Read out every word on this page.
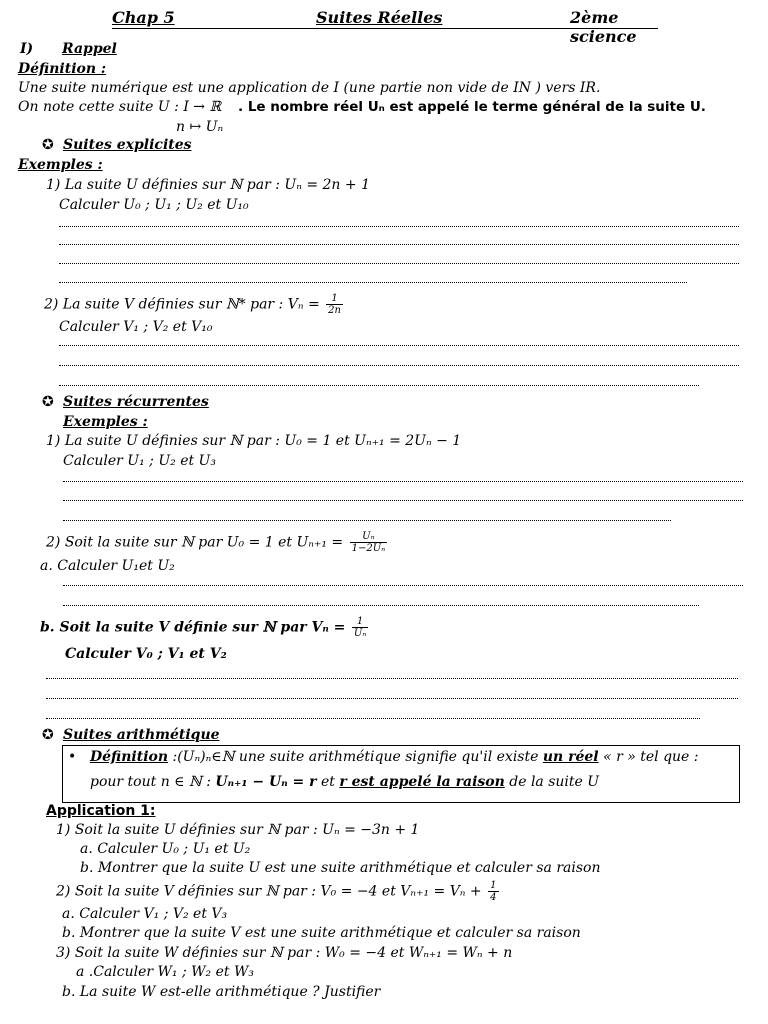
Chap 5	Suites Réelles	2ème science
I) Rappel
Définition :
Une suite numérique est une application de I (une partie non vide de IN ) vers IR.
On note cette suite U : I → ℝ . Le nombre réel Uₙ est appelé le terme général de la suite U.
n ↦ Uₙ
✪ Suites explicites
Exemples :
1) La suite U définies sur ℕ par : Uₙ = 2n + 1
Calculer U₀ ; U₁ ; U₂ et U₁₀
2) La suite V définies sur ℕ* par : $V_n = \frac{1}{2n}$
Calculer V₁ ; V₂ et V₁₀
✪ Suites récurrentes
Exemples :
1) La suite U définies sur ℕ par : U₀ = 1 et Uₙ₊₁ = 2Uₙ − 1
Calculer U₁ ; U₂ et U₃
2) Soit la suite sur ℕ par U₀ = 1 et $U_{n+1} = \frac{\text{Uₙ}}{\text{1−2Uₙ}}$
a. Calculer U₁et U₂
b. Soit la suite V définie sur ℕ par $V_n = \frac{1}{\text{Uₙ}}$
Calculer V₀ ; V₁ et V₂
✪ Suites arithmétique
• Définition :(Uₙ)ₙ∈ℕ une suite arithmétique signifie qu'il existe un réel « r » tel que :
pour tout n ∈ ℕ : Uₙ₊₁ − Uₙ = r et r est appelé la raison de la suite U
Application 1:
1) Soit la suite U définies sur ℕ par : Uₙ = −3n + 1
a. Calculer U₀ ; U₁ et U₂
b. Montrer que la suite U est une suite arithmétique et calculer sa raison
2) Soit la suite V définies sur ℕ par : V₀ = −4 et $V_{n+1} = V_n + \frac{1}{4}$
a. Calculer V₁ ; V₂ et V₃
b. Montrer que la suite V est une suite arithmétique et calculer sa raison
3) Soit la suite W définies sur ℕ par : W₀ = −4 et Wₙ₊₁ = Wₙ + n
a .Calculer W₁ ; W₂ et W₃
b. La suite W est-elle arithmétique ? Justifier
